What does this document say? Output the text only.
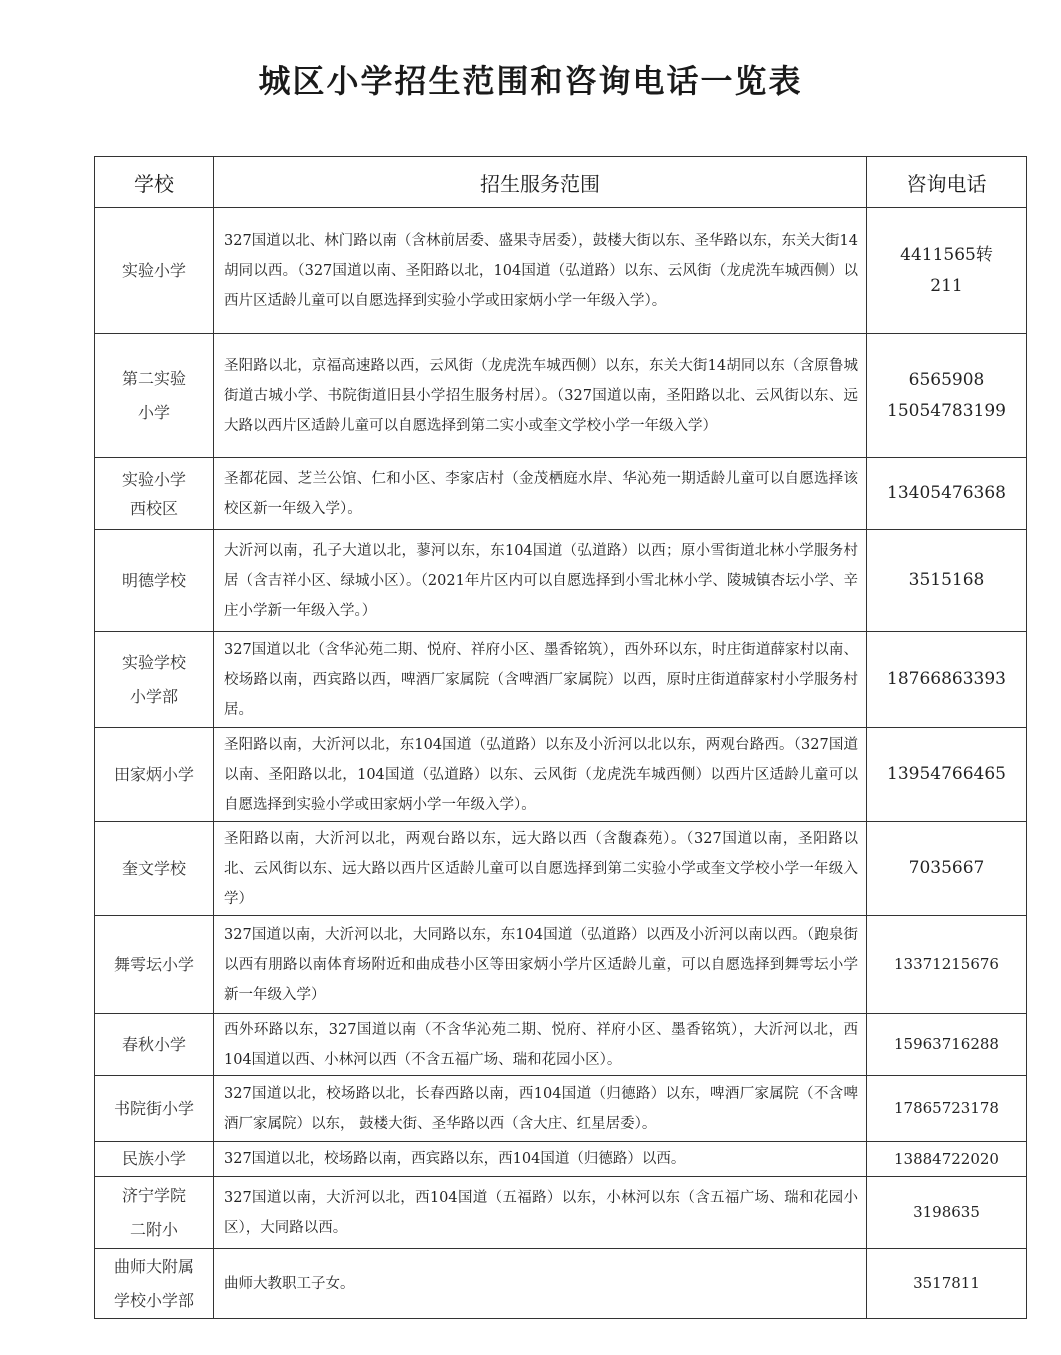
城区小学招生范围和咨询电话一览表
学校	招生服务范围	咨询电话
实验小学	327国道以北、林门路以南（含林前居委、盛果寺居委），鼓楼大街以东、圣华路以东，东关大街14胡同以西。（327国道以南、圣阳路以北，104国道（弘道路）以东、云风街（龙虎洗车城西侧）以西片区适龄儿童可以自愿选择到实验小学或田家炳小学一年级入学）。	4411565转211
第二实验小学	圣阳路以北，京福高速路以西，云风街（龙虎洗车城西侧）以东，东关大街14胡同以东（含原鲁城街道古城小学、书院街道旧县小学招生服务村居）。（327国道以南，圣阳路以北、云风街以东、远大路以西片区适龄儿童可以自愿选择到第二实小或奎文学校小学一年级入学）	6565908 15054783199
实验小学西校区	圣都花园、芝兰公馆、仁和小区、李家店村（金茂栖庭水岸、华沁苑一期适龄儿童可以自愿选择该校区新一年级入学）。	13405476368
明德学校	大沂河以南，孔子大道以北，蓼河以东，东104国道（弘道路）以西；原小雪街道北林小学服务村居（含吉祥小区、绿城小区）。（2021年片区内可以自愿选择到小雪北林小学、陵城镇杏坛小学、辛庄小学新一年级入学。）	3515168
实验学校小学部	327国道以北（含华沁苑二期、悦府、祥府小区、墨香铭筑），西外环以东，时庄街道薛家村以南、校场路以南，西宾路以西，啤酒厂家属院（含啤酒厂家属院）以西，原时庄街道薛家村小学服务村居。	18766863393
田家炳小学	圣阳路以南，大沂河以北，东104国道（弘道路）以东及小沂河以北以东，两观台路西。（327国道以南、圣阳路以北，104国道（弘道路）以东、云风街（龙虎洗车城西侧）以西片区适龄儿童可以自愿选择到实验小学或田家炳小学一年级入学）。	13954766465
奎文学校	圣阳路以南，大沂河以北，两观台路以东，远大路以西（含馥森苑）。（327国道以南，圣阳路以北、云风街以东、远大路以西片区适龄儿童可以自愿选择到第二实验小学或奎文学校小学一年级入学）	7035667
舞雩坛小学	327国道以南，大沂河以北，大同路以东，东104国道（弘道路）以西及小沂河以南以西。（跑泉街以西有朋路以南体育场附近和曲成巷小区等田家炳小学片区适龄儿童，可以自愿选择到舞雩坛小学新一年级入学）	13371215676
春秋小学	西外环路以东，327国道以南（不含华沁苑二期、悦府、祥府小区、墨香铭筑），大沂河以北，西104国道以西、小林河以西（不含五福广场、瑞和花园小区）。	15963716288
书院街小学	327国道以北，校场路以北，长春西路以南，西104国道（归德路）以东，啤酒厂家属院（不含啤酒厂家属院）以东， 鼓楼大街、圣华路以西（含大庄、红星居委）。	17865723178
民族小学	327国道以北，校场路以南，西宾路以东，西104国道（归德路）以西。	13884722020
济宁学院二附小	327国道以南，大沂河以北，西104国道（五福路）以东，小林河以东（含五福广场、瑞和花园小区），大同路以西。	3198635
曲师大附属学校小学部	曲师大教职工子女。	3517811
